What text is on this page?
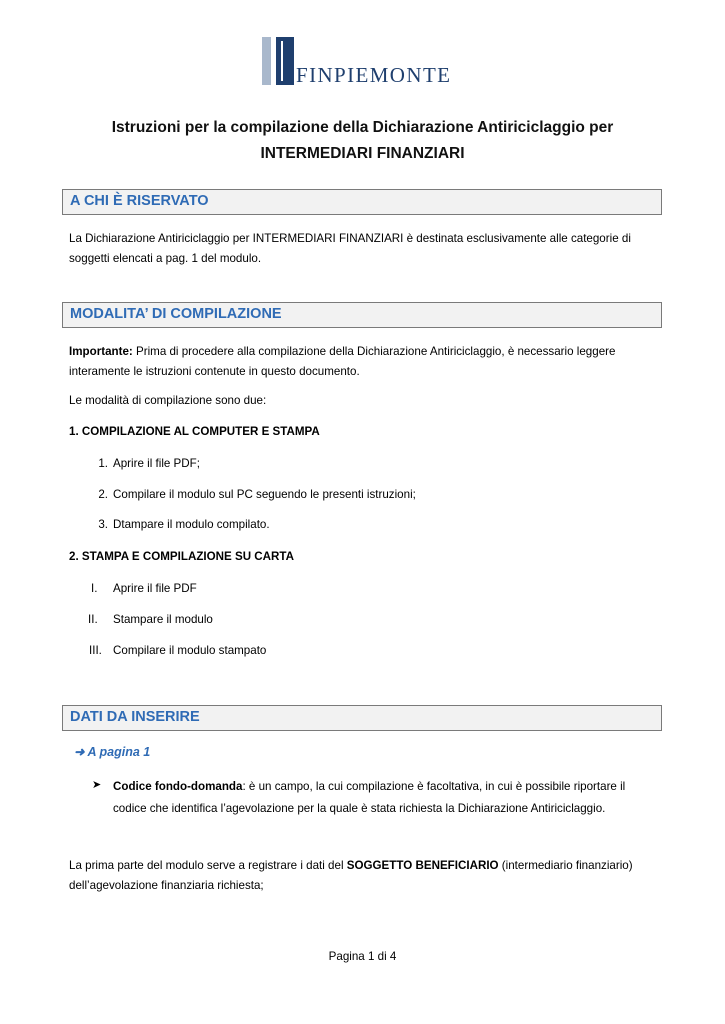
FINPIEMONTE
Istruzioni per la compilazione della Dichiarazione Antiriciclaggio per
INTERMEDIARI FINANZIARI
A CHI È RISERVATO
La Dichiarazione Antiriciclaggio per INTERMEDIARI FINANZIARI è destinata esclusivamente alle categorie di
soggetti elencati a pag. 1 del modulo.
MODALITA’ DI COMPILAZIONE
Importante: Prima di procedere alla compilazione della Dichiarazione Antiriciclaggio, è necessario leggere
interamente le istruzioni contenute in questo documento.
Le modalità di compilazione sono due:
1. COMPILAZIONE AL COMPUTER E STAMPA
1. Aprire il file PDF;
2. Compilare il modulo sul PC seguendo le presenti istruzioni;
3. Dtampare il modulo compilato.
2. STAMPA E COMPILAZIONE SU CARTA
I. Aprire il file PDF
II. Stampare il modulo
III. Compilare il modulo stampato
DATI DA INSERIRE
➜ A pagina 1
➤ Codice fondo-domanda: è un campo, la cui compilazione è facoltativa, in cui è possibile riportare il
codice che identifica l’agevolazione per la quale è stata richiesta la Dichiarazione Antiriciclaggio.
La prima parte del modulo serve a registrare i dati del SOGGETTO BENEFICIARIO (intermediario finanziario)
dell’agevolazione finanziaria richiesta;
Pagina 1 di 4
